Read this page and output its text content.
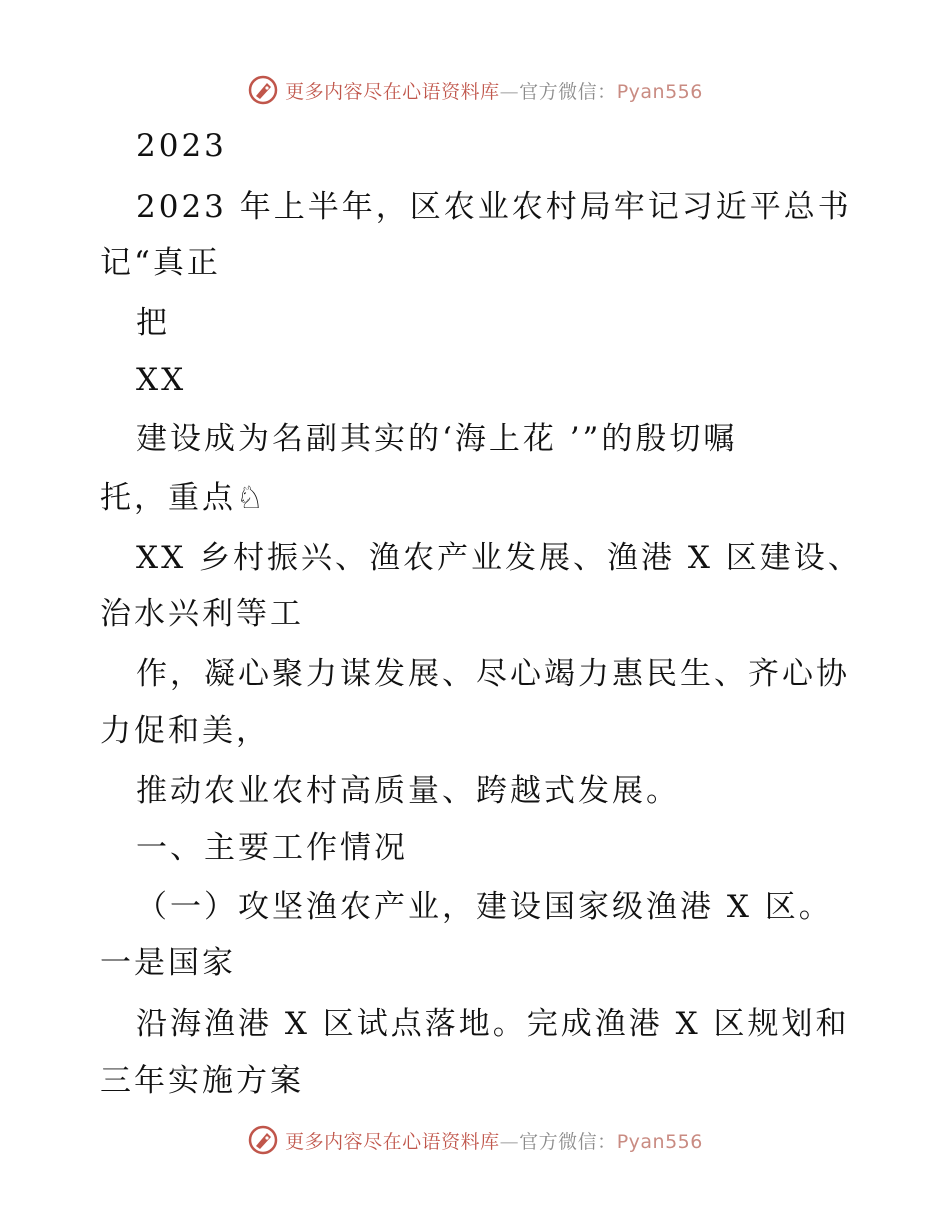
更多内容尽在心语资料库—官方微信：Pyan556
2023
2023 年上半年，区农业农村局牢记习近平总书
记“真正
把
XX
建设成为名副其实的‘海上花 ’”的殷切嘱
托，重点♘
XX 乡村振兴、渔农产业发展、渔港 X 区建设、
治水兴利等工
作，凝心聚力谋发展、尽心竭力惠民生、齐心协
力促和美，
推动农业农村高质量、跨越式发展。
一、主要工作情况
（一）攻坚渔农产业，建设国家级渔港 X 区。
一是国家
沿海渔港 X 区试点落地。完成渔港 X 区规划和
三年实施方案
更多内容尽在心语资料库—官方微信：Pyan556
